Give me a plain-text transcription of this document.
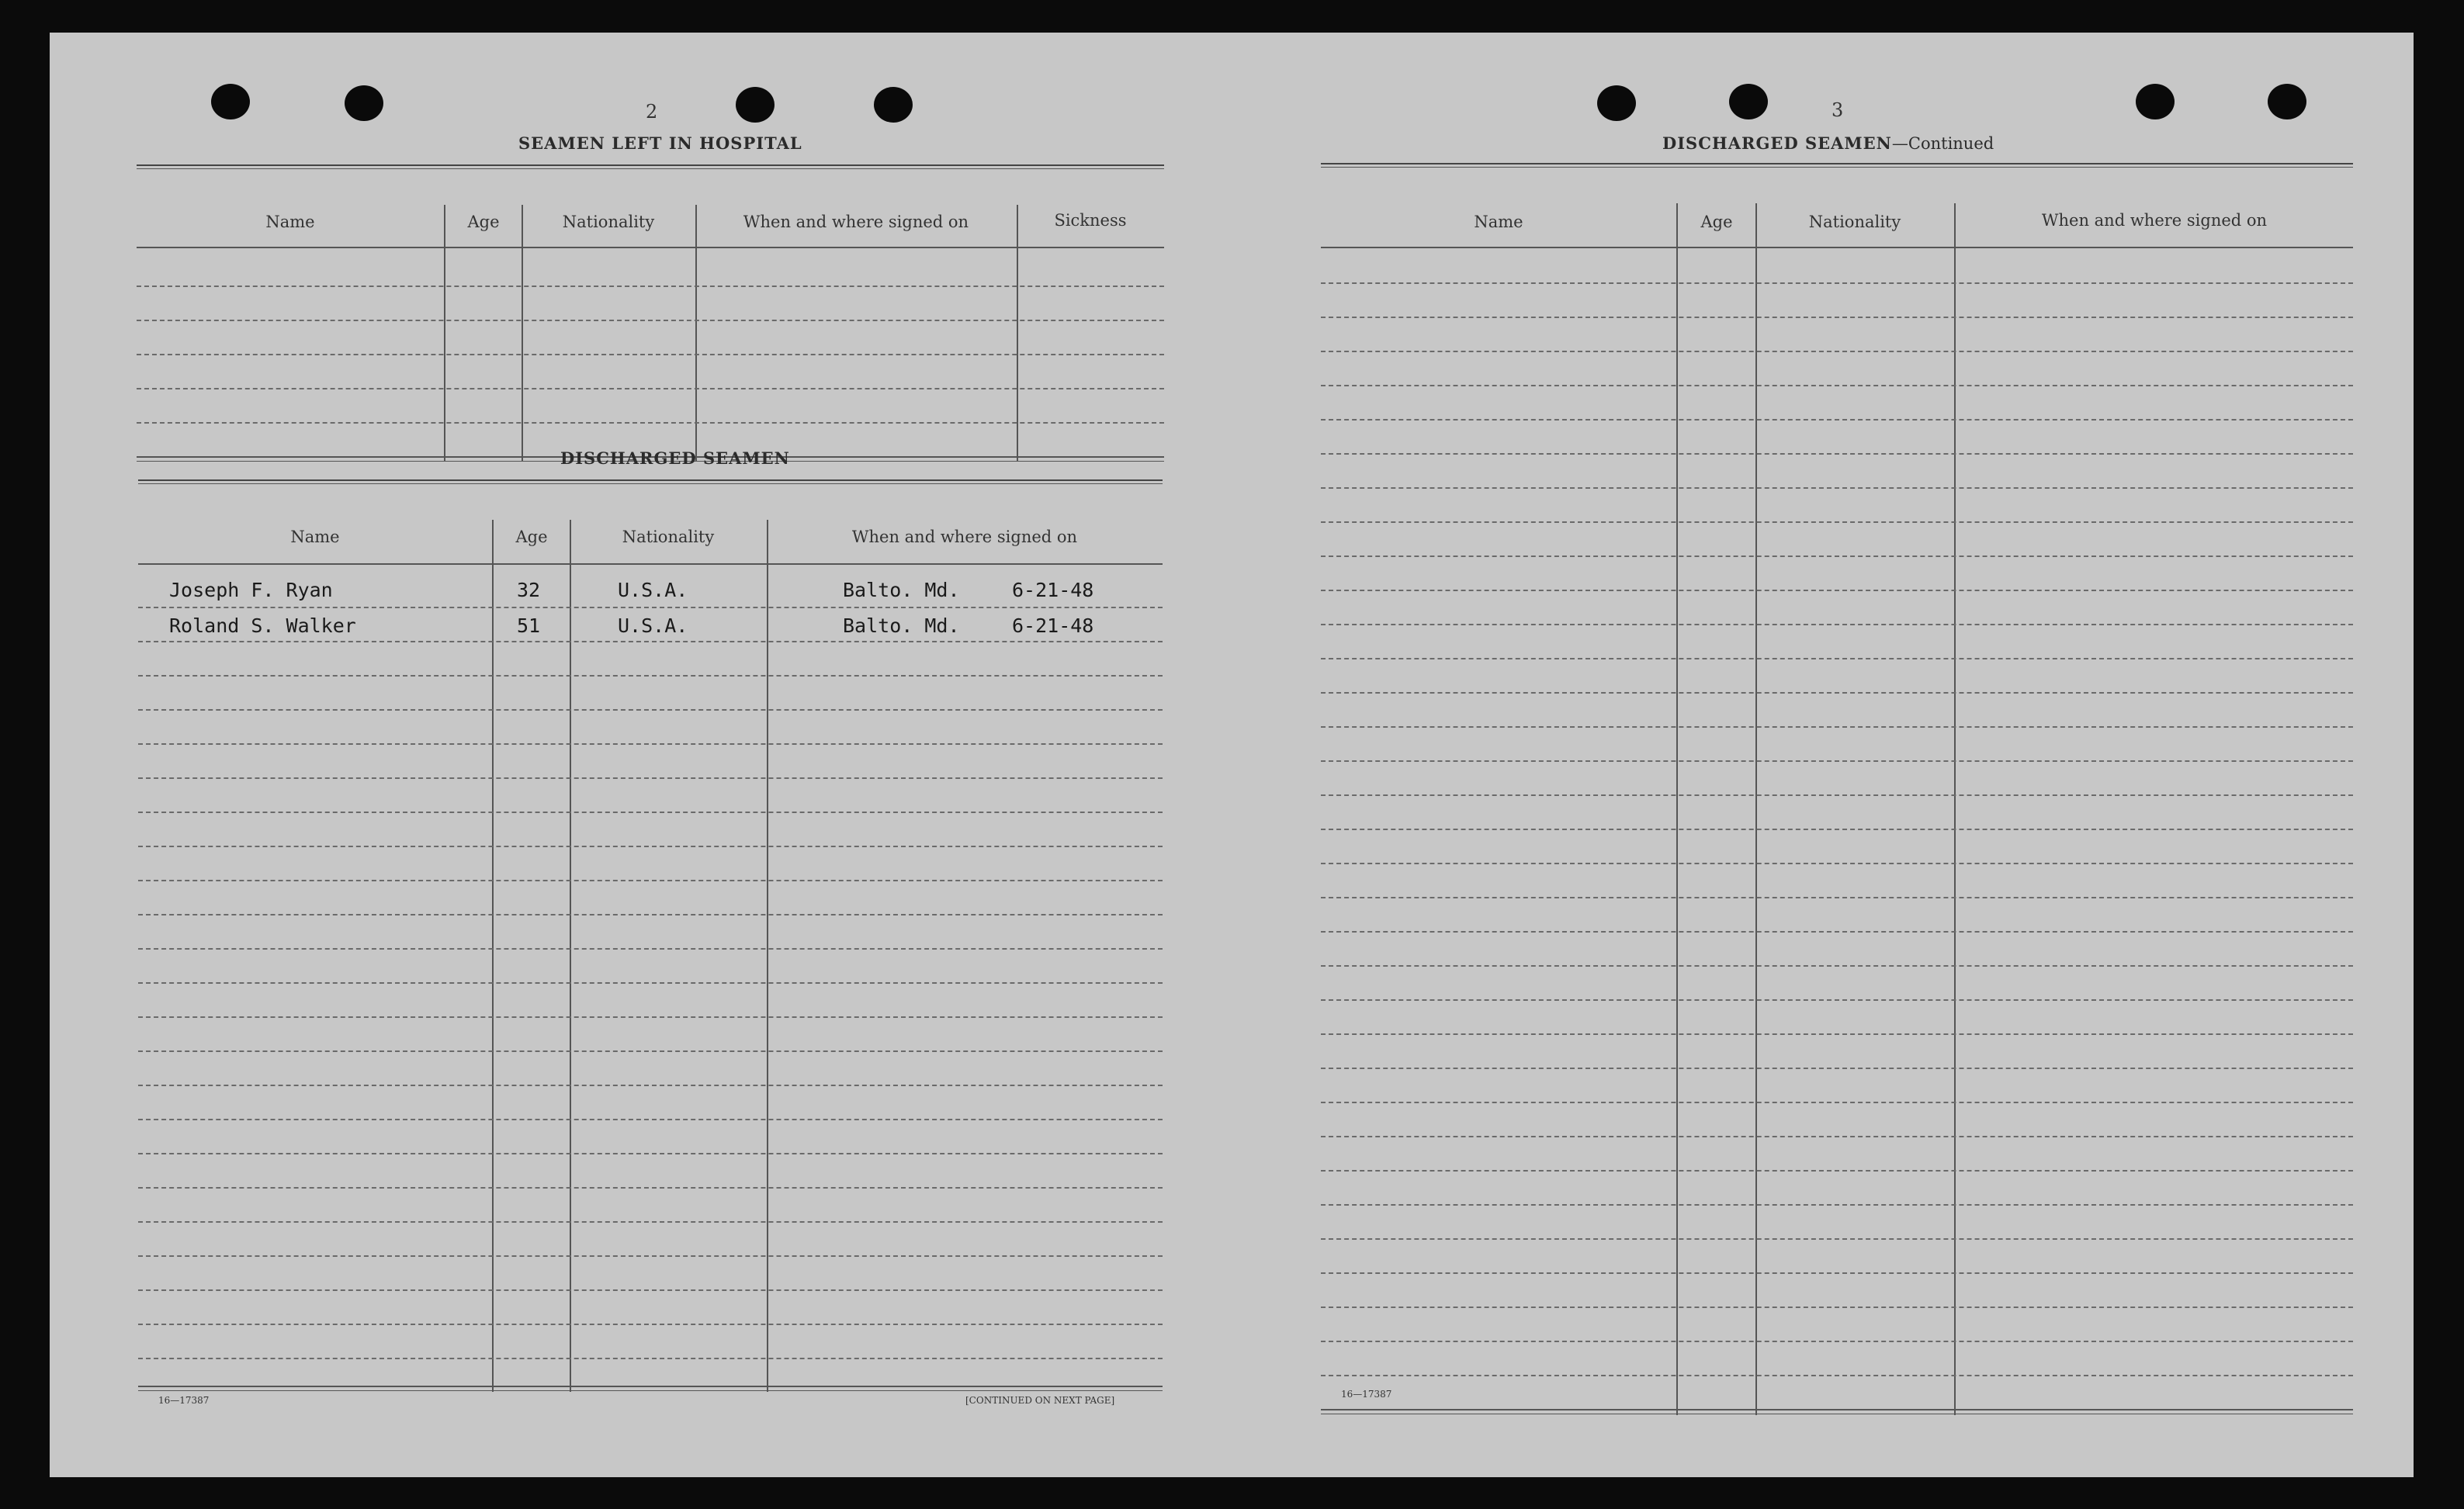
2
SEAMEN LEFT IN HOSPITAL
Name	Age	Nationality	When and where signed on	Sickness
DISCHARGED SEAMEN
Name	Age	Nationality	When and where signed on
Joseph F. Ryan	32	U.S.A.	Balto. Md.	6-21-48
Roland S. Walker	51	U.S.A.	Balto. Md.	6-21-48
16—17387	[CONTINUED ON NEXT PAGE]
3
DISCHARGED SEAMEN—Continued
Name	Age	Nationality	When and where signed on
16—17387
